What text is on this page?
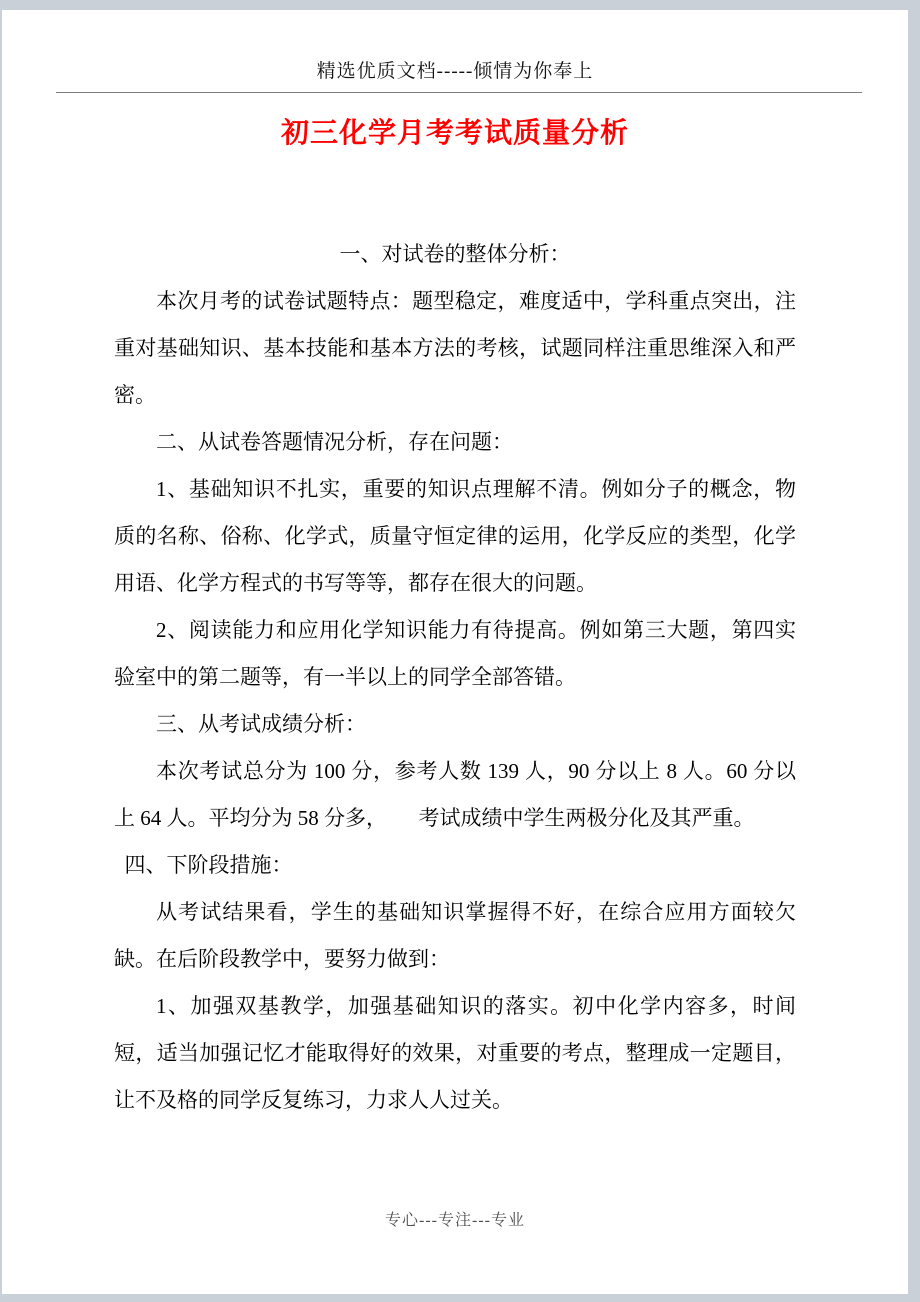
精选优质文档-----倾情为你奉上
初三化学月考考试质量分析

一、对试卷的整体分析：

本次月考的试卷试题特点：题型稳定，难度适中，学科重点突出，注重对基础知识、基本技能和基本方法的考核，试题同样注重思维深入和严密。

二、从试卷答题情况分析，存在问题：

1、基础知识不扎实，重要的知识点理解不清。例如分子的概念，物质的名称、俗称、化学式，质量守恒定律的运用，化学反应的类型，化学用语、化学方程式的书写等等，都存在很大的问题。

2、阅读能力和应用化学知识能力有待提高。例如第三大题，第四实验室中的第二题等，有一半以上的同学全部答错。

三、从考试成绩分析：

本次考试总分为 100 分，参考人数 139 人，90 分以上 8 人。60 分以上 64 人。平均分为 58 分多，　　考试成绩中学生两极分化及其严重。

四、下阶段措施：

从考试结果看，学生的基础知识掌握得不好，在综合应用方面较欠缺。在后阶段教学中，要努力做到：

1、加强双基教学，加强基础知识的落实。初中化学内容多，时间短，适当加强记忆才能取得好的效果，对重要的考点，整理成一定题目，让不及格的同学反复练习，力求人人过关。

专心---专注---专业
